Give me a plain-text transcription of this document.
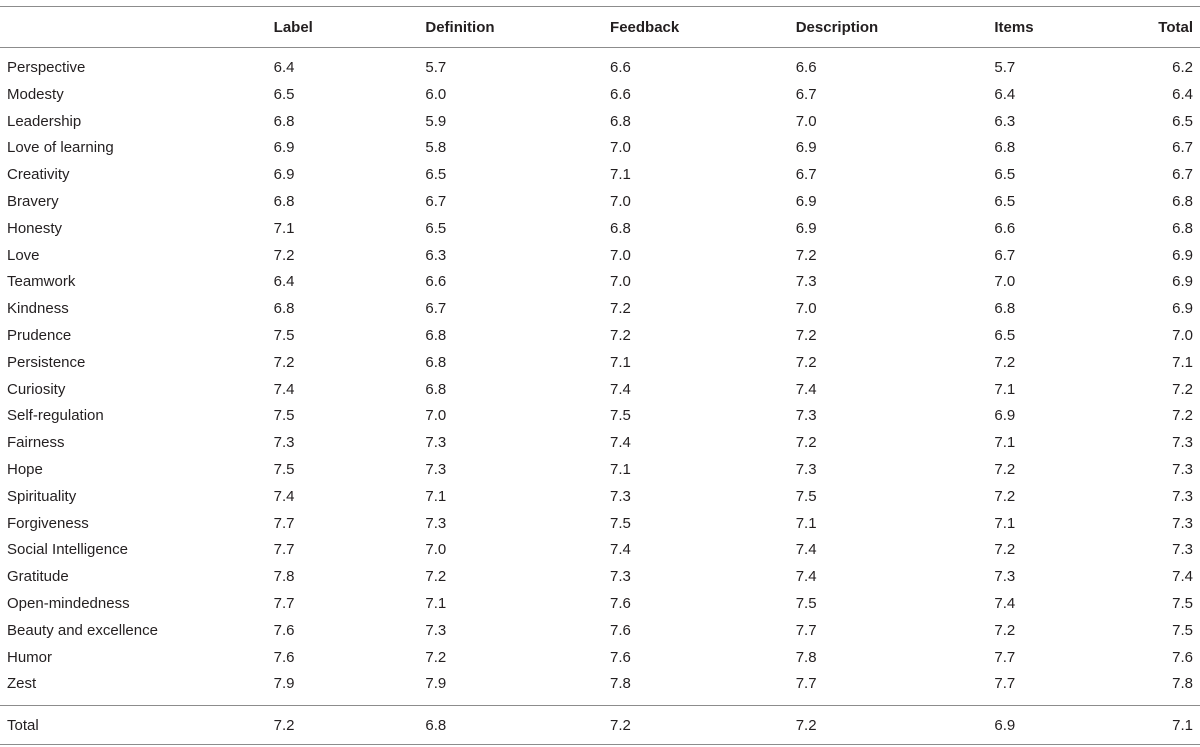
	Label	Definition	Feedback	Description	Items	Total
Perspective	6.4	5.7	6.6	6.6	5.7	6.2
Modesty	6.5	6.0	6.6	6.7	6.4	6.4
Leadership	6.8	5.9	6.8	7.0	6.3	6.5
Love of learning	6.9	5.8	7.0	6.9	6.8	6.7
Creativity	6.9	6.5	7.1	6.7	6.5	6.7
Bravery	6.8	6.7	7.0	6.9	6.5	6.8
Honesty	7.1	6.5	6.8	6.9	6.6	6.8
Love	7.2	6.3	7.0	7.2	6.7	6.9
Teamwork	6.4	6.6	7.0	7.3	7.0	6.9
Kindness	6.8	6.7	7.2	7.0	6.8	6.9
Prudence	7.5	6.8	7.2	7.2	6.5	7.0
Persistence	7.2	6.8	7.1	7.2	7.2	7.1
Curiosity	7.4	6.8	7.4	7.4	7.1	7.2
Self-regulation	7.5	7.0	7.5	7.3	6.9	7.2
Fairness	7.3	7.3	7.4	7.2	7.1	7.3
Hope	7.5	7.3	7.1	7.3	7.2	7.3
Spirituality	7.4	7.1	7.3	7.5	7.2	7.3
Forgiveness	7.7	7.3	7.5	7.1	7.1	7.3
Social Intelligence	7.7	7.0	7.4	7.4	7.2	7.3
Gratitude	7.8	7.2	7.3	7.4	7.3	7.4
Open-mindedness	7.7	7.1	7.6	7.5	7.4	7.5
Beauty and excellence	7.6	7.3	7.6	7.7	7.2	7.5
Humor	7.6	7.2	7.6	7.8	7.7	7.6
Zest	7.9	7.9	7.8	7.7	7.7	7.8
Total	7.2	6.8	7.2	7.2	6.9	7.1
